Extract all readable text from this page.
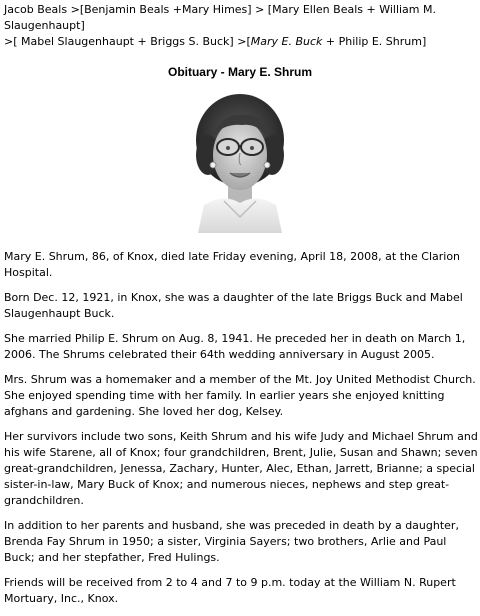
Jacob Beals >[Benjamin Beals +Mary Himes] > [Mary Ellen Beals + William M. Slaugenhaupt]
>[ Mabel Slaugenhaupt + Briggs S. Buck] >[Mary E. Buck + Philip E. Shrum]
Obituary - Mary E. Shrum

Mary E. Shrum, 86, of Knox, died late Friday evening, April 18, 2008, at the Clarion Hospital.

Born Dec. 12, 1921, in Knox, she was a daughter of the late Briggs Buck and Mabel Slaugenhaupt Buck.

She married Philip E. Shrum on Aug. 8, 1941. He preceded her in death on March 1, 2006. The Shrums celebrated their 64th wedding anniversary in August 2005.

Mrs. Shrum was a homemaker and a member of the Mt. Joy United Methodist Church. She enjoyed spending time with her family. In earlier years she enjoyed knitting afghans and gardening. She loved her dog, Kelsey.

Her survivors include two sons, Keith Shrum and his wife Judy and Michael Shrum and his wife Starene, all of Knox; four grandchildren, Brent, Julie, Susan and Shawn; seven great-grandchildren, Jenessa, Zachary, Hunter, Alec, Ethan, Jarrett, Brianne; a special sister-in-law, Mary Buck of Knox; and numerous nieces, nephews and step great-grandchildren.

In addition to her parents and husband, she was preceded in death by a daughter, Brenda Fay Shrum in 1950; a sister, Virginia Sayers; two brothers, Arlie and Paul Buck; and her stepfather, Fred Hulings.

Friends will be received from 2 to 4 and 7 to 9 p.m. today at the William N. Rupert Mortuary, Inc., Knox.
